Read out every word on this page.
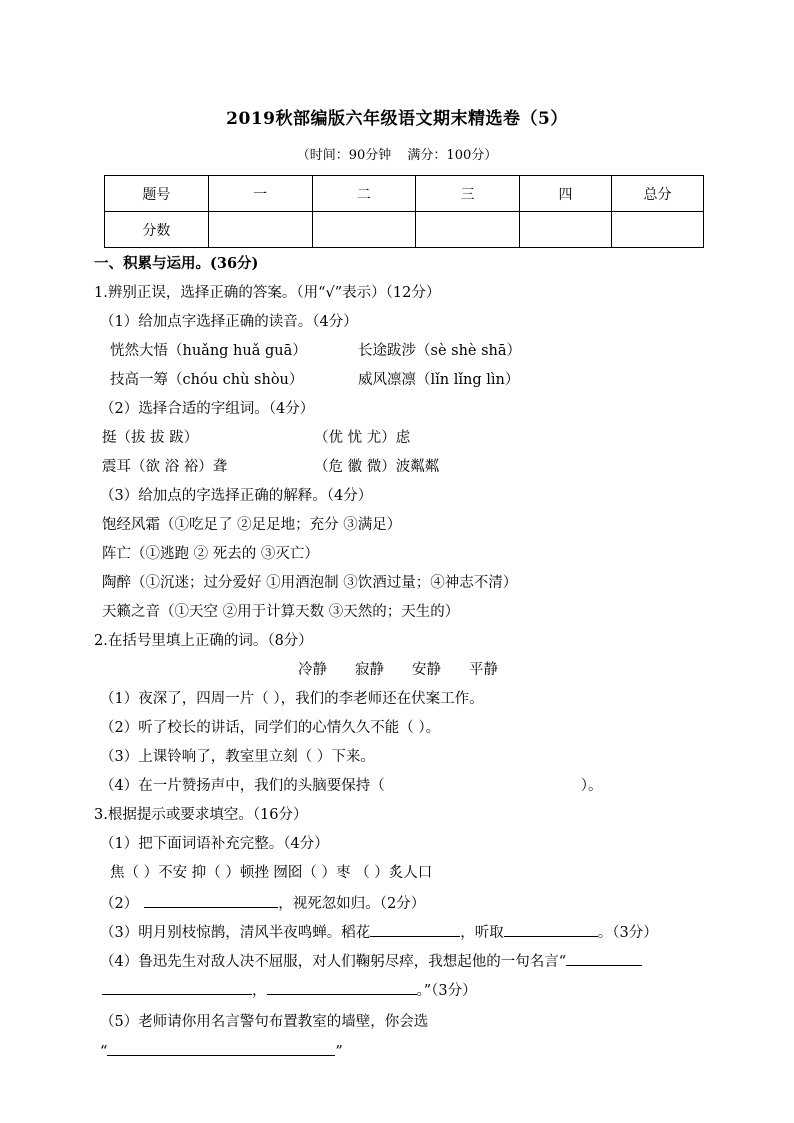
2019秋部编版六年级语文期末精选卷（5）
（时间：90分钟 满分：100分）
题号	一	二	三	四	总分
分数					
一、积累与运用。(36分)
1.辨别正误，选择正确的答案。（用“√”表示）（12分）
（1）给加点字选择正确的读音。（4分）
恍然大悟（huǎng huǎ guā）	长途跋涉（sè shè shā）
技高一筹（chóu chù shòu）	威风凛凛（lǐn lǐng lìn）
（2）选择合适的字组词。（4分）
挺（拔 拔 跋）	（优 忧 尤）虑
震耳（欲 浴 裕）聋	（危 徽 微）波粼粼
（3）给加点的字选择正确的解释。（4分）
饱经风霜（①吃足了 ②足足地；充分 ③满足）
阵亡（①逃跑 ② 死去的 ③灭亡）
陶醉（①沉迷；过分爱好 ①用酒泡制 ③饮酒过量；④神志不清）
天籁之音（①天空 ②用于计算天数 ③天然的；天生的）
2.在括号里填上正确的词。（8分）
冷静 寂静 安静 平静
（1）夜深了，四周一片（ ），我们的李老师还在伏案工作。
（2）听了校长的讲话，同学们的心情久久不能（ ）。
（3）上课铃响了，教室里立刻（ ）下来。
（4）在一片赞扬声中，我们的头脑要保持（	）。
3.根据提示或要求填空。（16分）
（1）把下面词语补充完整。（4分）
焦（ ）不安 抑（ ）顿挫 囫囵（ ）枣 （ ）炙人口
（2）	，视死忽如归。（2分）
（3）明月别枝惊鹊，清风半夜鸣蝉。稻花	，听取	。（3分）
（4）鲁迅先生对敌人决不屈服，对人们鞠躬尽瘁，我想起他的一句名言“
，	。”（3分）
（5）老师请你用名言警句布置教室的墙壁，你会选
“	”
